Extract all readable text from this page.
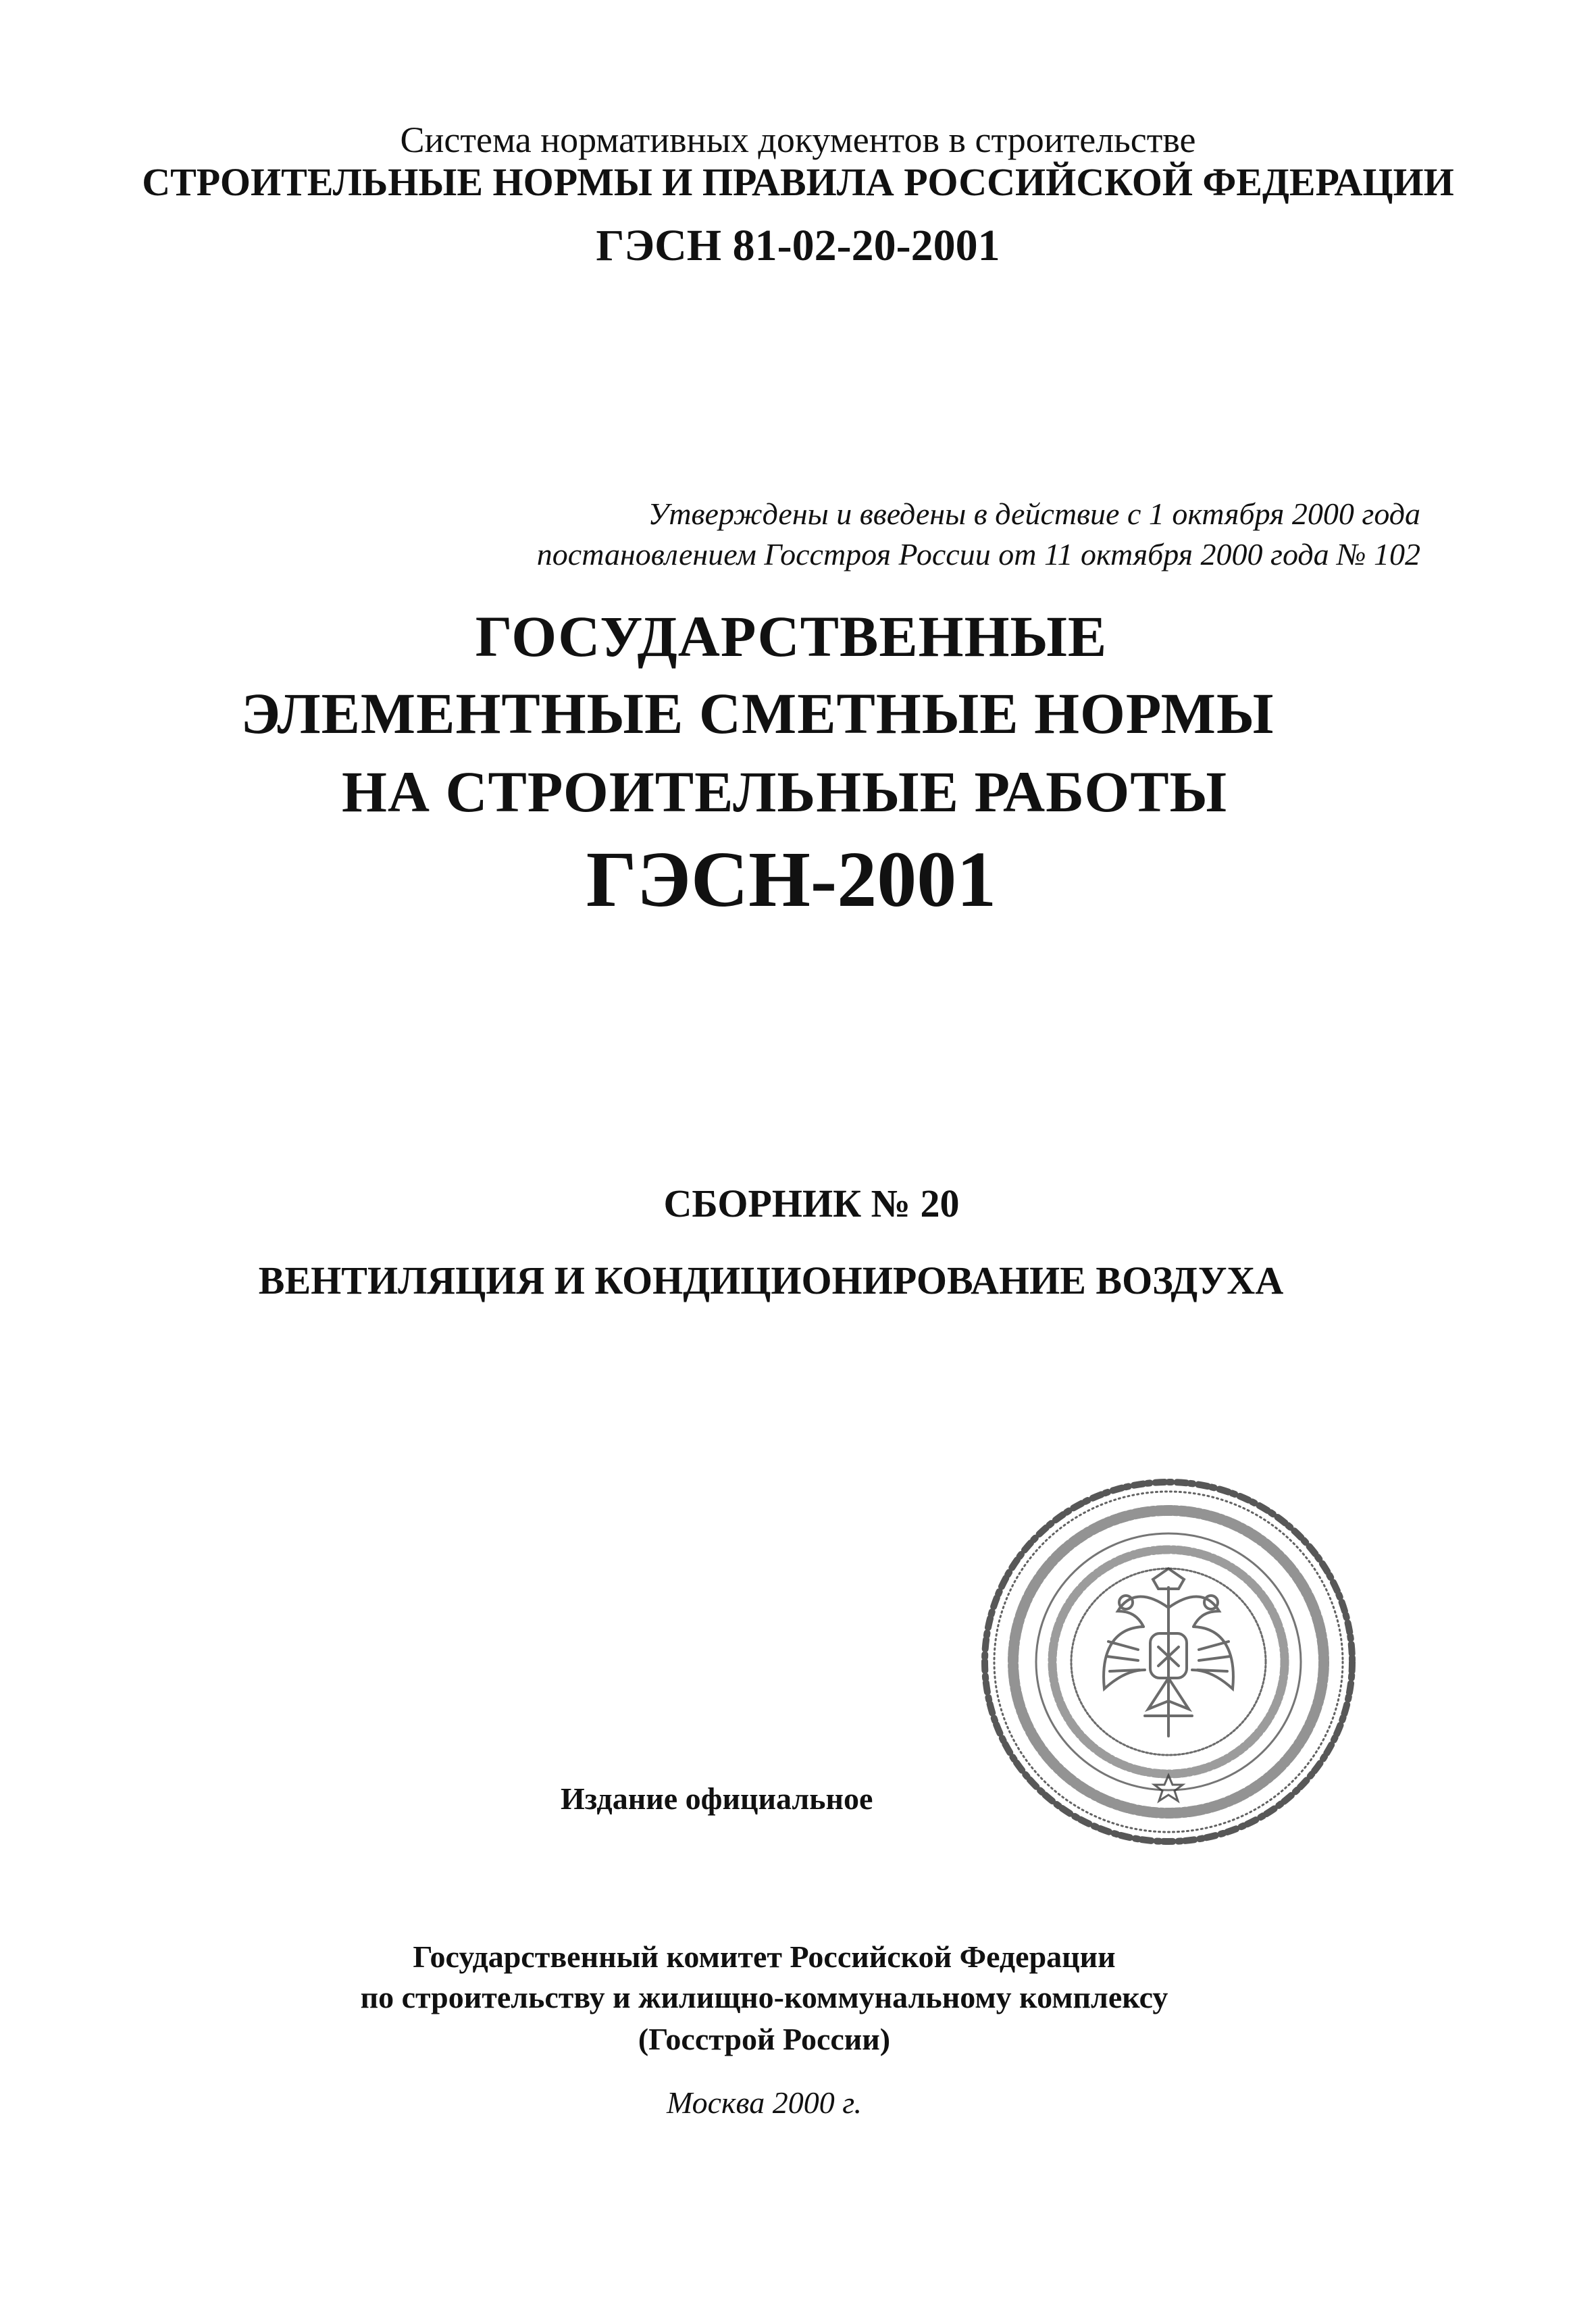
Система нормативных документов в строительстве

СТРОИТЕЛЬНЫЕ НОРМЫ И ПРАВИЛА РОССИЙСКОЙ ФЕДЕРАЦИИ

ГЭСН 81-02-20-2001

Утверждены и введены в действие с 1 октября 2000 года

постановлением Госстроя России от 11 октября 2000 года № 102

ГОСУДАРСТВЕННЫЕ

ЭЛЕМЕНТНЫЕ СМЕТНЫЕ НОРМЫ

НА СТРОИТЕЛЬНЫЕ РАБОТЫ

ГЭСН-2001

СБОРНИК № 20

ВЕНТИЛЯЦИЯ И КОНДИЦИОНИРОВАНИЕ ВОЗДУХА

Издание официальное

Государственный комитет Российской Федерации

по строительству и жилищно-коммунальному комплексу

(Госстрой России)

Москва 2000 г.
